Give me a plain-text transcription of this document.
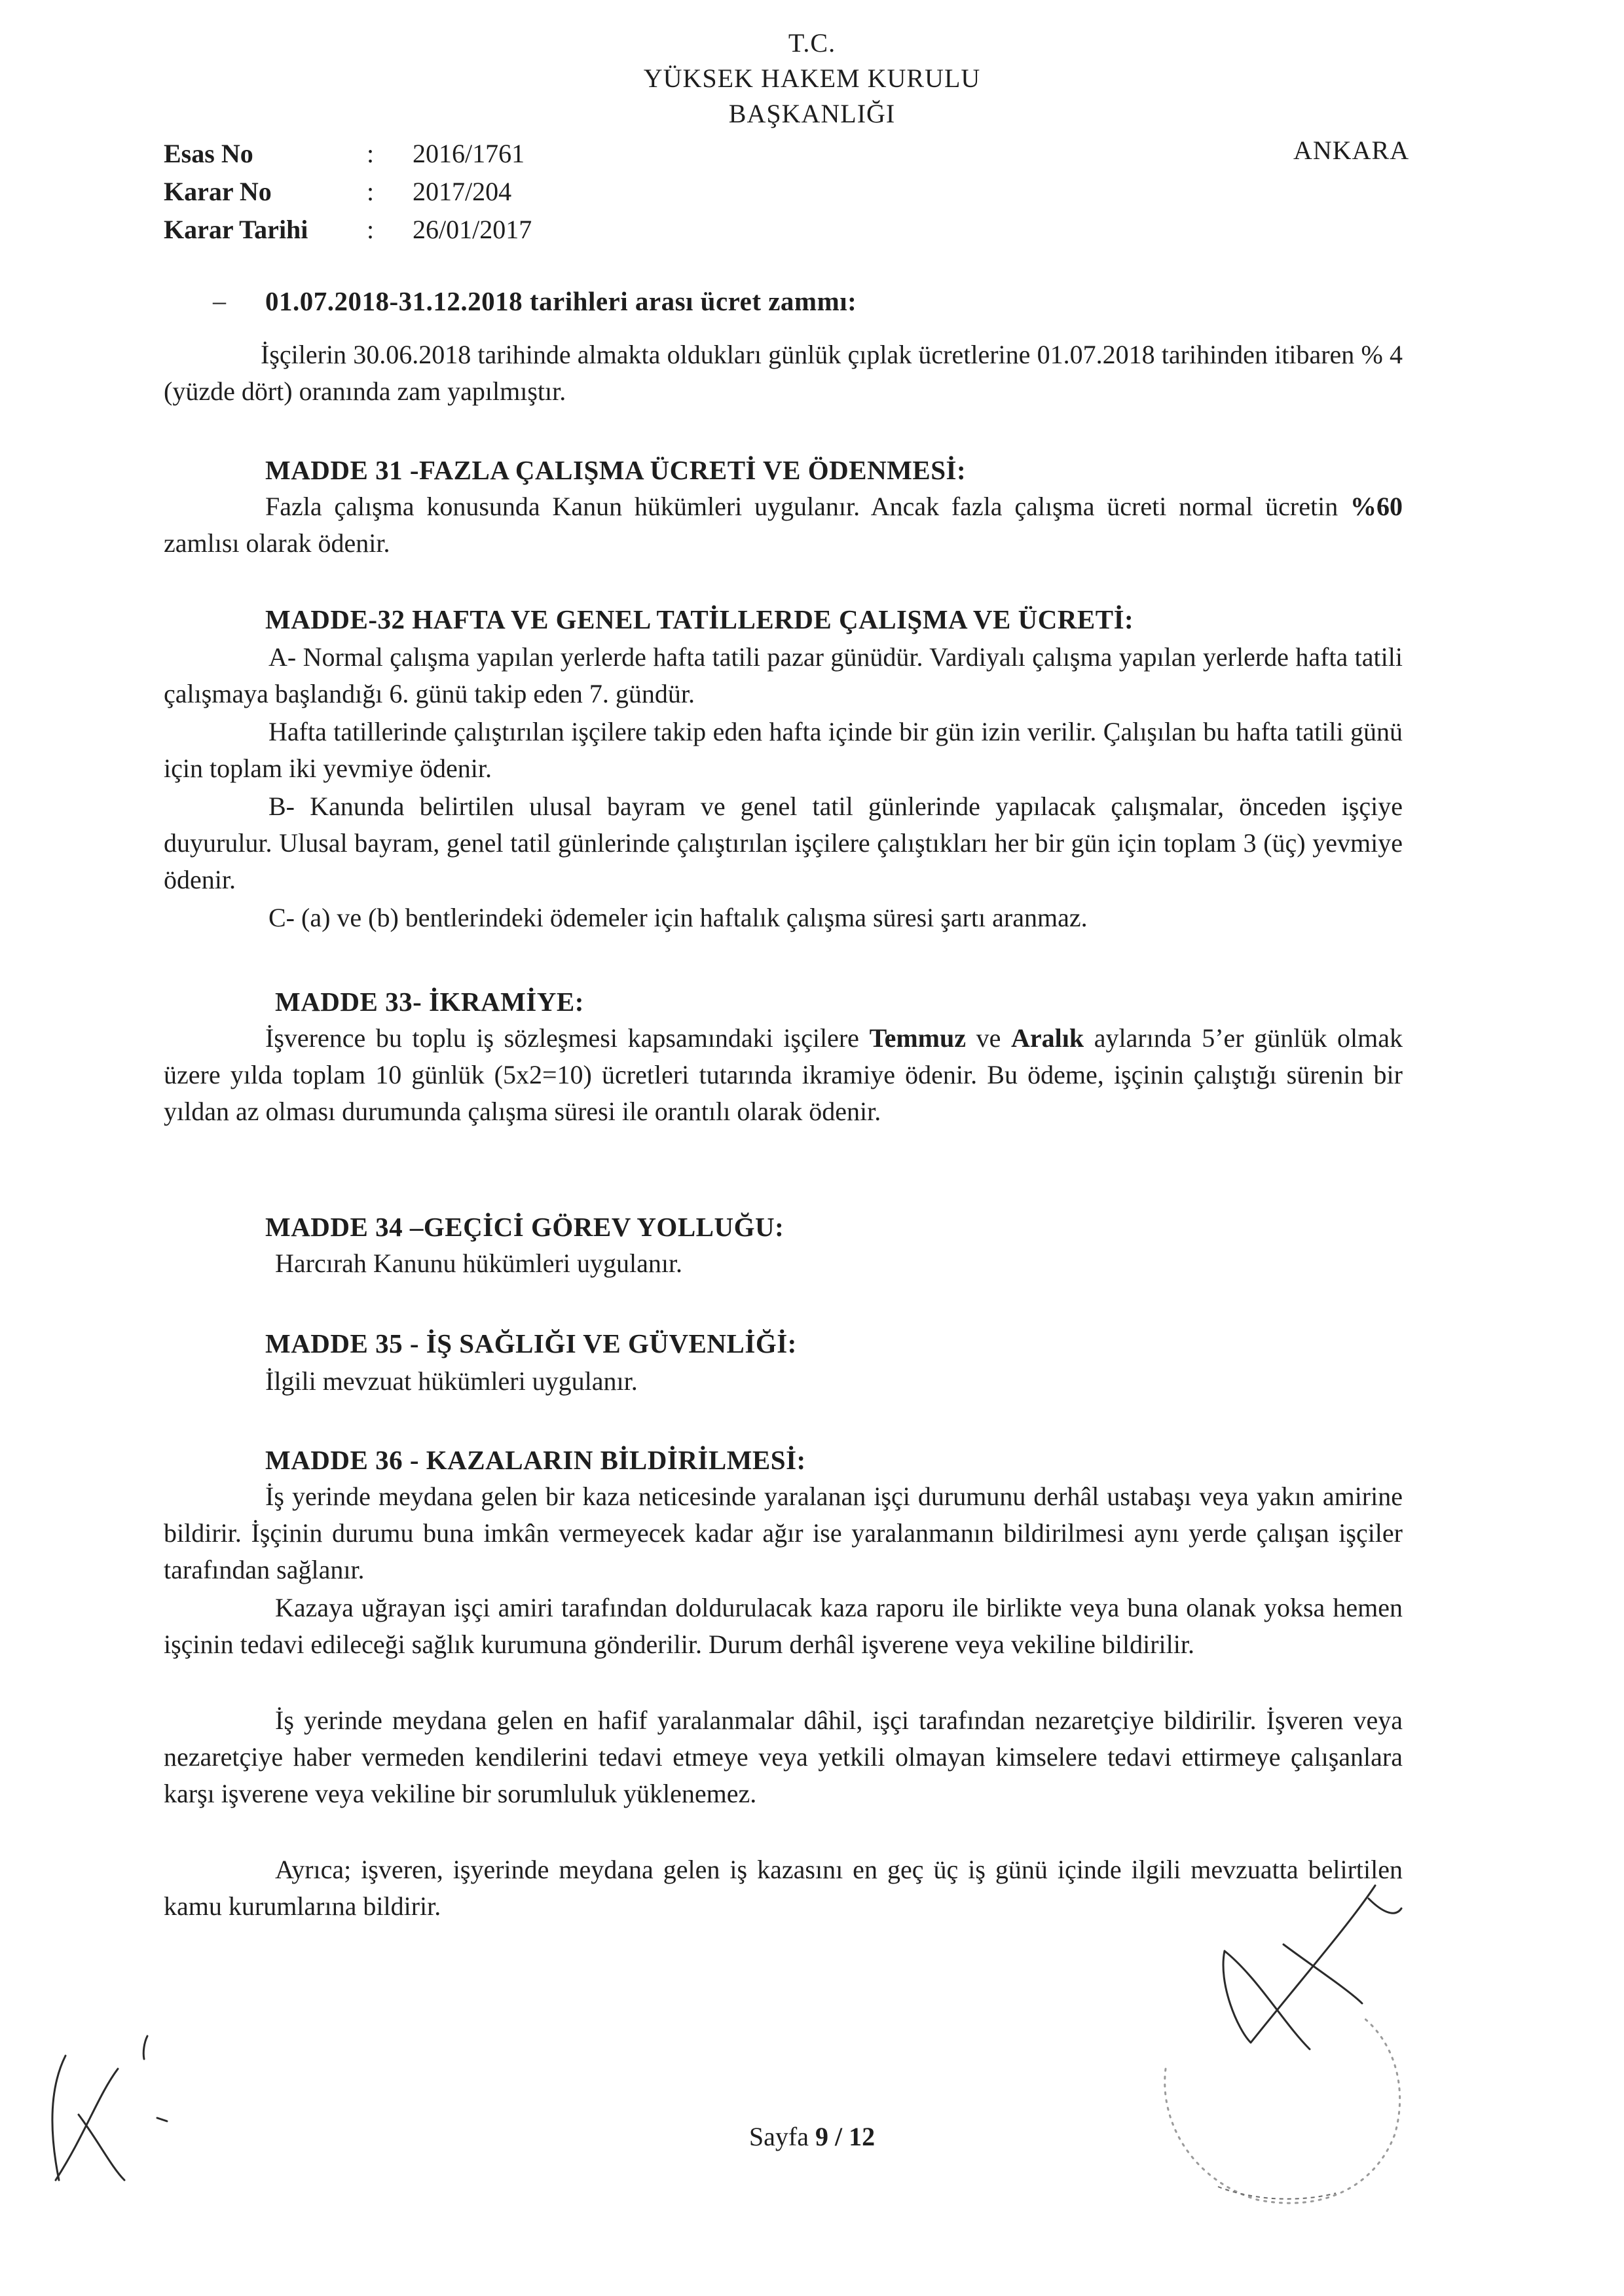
T.C.
YÜKSEK HAKEM KURULU
BAŞKANLIĞI
Esas No	:	2016/1761
Karar No	:	2017/204
Karar Tarihi	:	26/01/2017
ANKARA
– 01.07.2018-31.12.2018 tarihleri arası ücret zammı:

İşçilerin 30.06.2018 tarihinde almakta oldukları günlük çıplak ücretlerine 01.07.2018 tarihinden itibaren % 4 (yüzde dört) oranında zam yapılmıştır.

MADDE 31 -FAZLA ÇALIŞMA ÜCRETİ VE ÖDENMESİ:

Fazla çalışma konusunda Kanun hükümleri uygulanır. Ancak fazla çalışma ücreti normal ücretin %60 zamlısı olarak ödenir.

MADDE-32 HAFTA VE GENEL TATİLLERDE ÇALIŞMA VE ÜCRETİ:

A- Normal çalışma yapılan yerlerde hafta tatili pazar günüdür. Vardiyalı çalışma yapılan yerlerde hafta tatili çalışmaya başlandığı 6. günü takip eden 7. gündür.

Hafta tatillerinde çalıştırılan işçilere takip eden hafta içinde bir gün izin verilir. Çalışılan bu hafta tatili günü için toplam iki yevmiye ödenir.

B- Kanunda belirtilen ulusal bayram ve genel tatil günlerinde yapılacak çalışmalar, önceden işçiye duyurulur. Ulusal bayram, genel tatil günlerinde çalıştırılan işçilere çalıştıkları her bir gün için toplam 3 (üç) yevmiye ödenir.

C- (a) ve (b) bentlerindeki ödemeler için haftalık çalışma süresi şartı aranmaz.

MADDE 33- İKRAMİYE:

İşverence bu toplu iş sözleşmesi kapsamındaki işçilere Temmuz ve Aralık aylarında 5’er günlük olmak üzere yılda toplam 10 günlük (5x2=10) ücretleri tutarında ikramiye ödenir. Bu ödeme, işçinin çalıştığı sürenin bir yıldan az olması durumunda çalışma süresi ile orantılı olarak ödenir.

MADDE 34 –GEÇİCİ GÖREV YOLLUĞU:
Harcırah Kanunu hükümleri uygulanır.
MADDE 35 - İŞ SAĞLIĞI VE GÜVENLİĞİ:
İlgili mevzuat hükümleri uygulanır.
MADDE 36 - KAZALARIN BİLDİRİLMESİ:

İş yerinde meydana gelen bir kaza neticesinde yaralanan işçi durumunu derhâl ustabaşı veya yakın amirine bildirir. İşçinin durumu buna imkân vermeyecek kadar ağır ise yaralanmanın bildirilmesi aynı yerde çalışan işçiler tarafından sağlanır.

Kazaya uğrayan işçi amiri tarafından doldurulacak kaza raporu ile birlikte veya buna olanak yoksa hemen işçinin tedavi edileceği sağlık kurumuna gönderilir. Durum derhâl işverene veya vekiline bildirilir.

İş yerinde meydana gelen en hafif yaralanmalar dâhil, işçi tarafından nezaretçiye bildirilir. İşveren veya nezaretçiye haber vermeden kendilerini tedavi etmeye veya yetkili olmayan kimselere tedavi ettirmeye çalışanlara karşı işverene veya vekiline bir sorumluluk yüklenemez.

Ayrıca; işveren, işyerinde meydana gelen iş kazasını en geç üç iş günü içinde ilgili mevzuatta belirtilen kamu kurumlarına bildirir.

Sayfa 9 / 12
